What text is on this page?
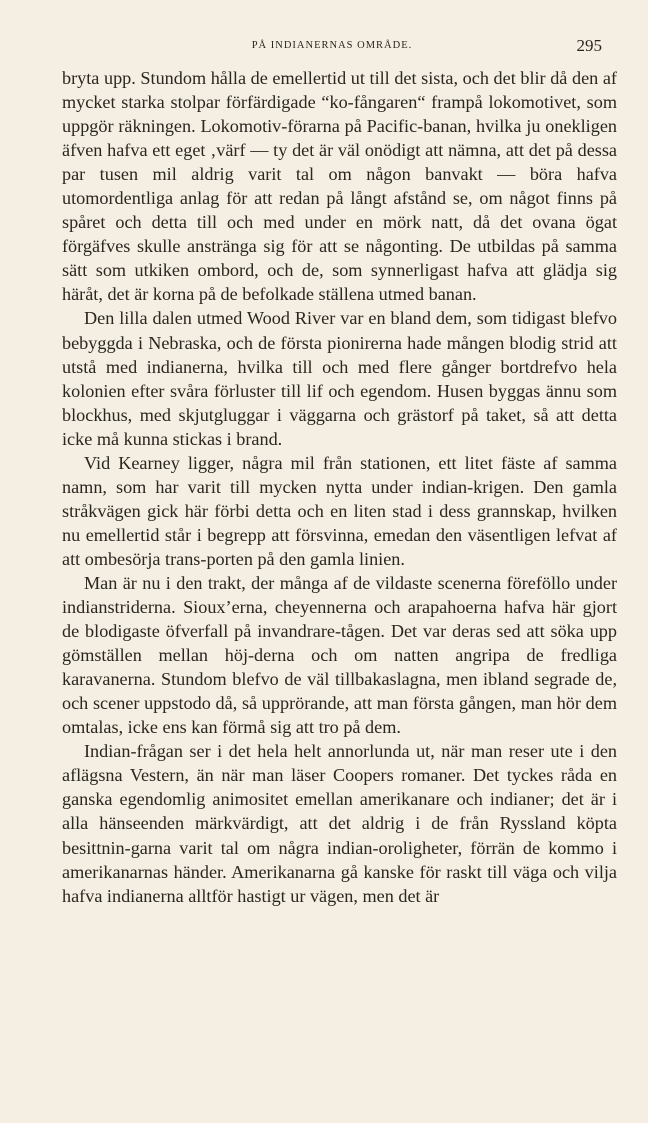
PÅ INDIANERNAS OMRÅDE.	295

bryta upp. Stundom hålla de emellertid ut till det sista, och det blir då den af mycket starka stolpar förfärdigade “ko-fångaren“ frampå lokomotivet, som uppgör räkningen. Lokomotiv-förarna på Pacific-banan, hvilka ju onekligen äfven hafva ett eget ‚värf — ty det är väl onödigt att nämna, att det på dessa par tusen mil aldrig varit tal om någon banvakt — böra hafva utomordentliga anlag för att redan på långt afstånd se, om något finns på spåret och detta till och med under en mörk natt, då det ovana ögat förgäfves skulle anstränga sig för att se någonting. De utbildas på samma sätt som utkiken ombord, och de, som synnerligast hafva att glädja sig häråt, det är korna på de befolkade ställena utmed banan.

Den lilla dalen utmed Wood River var en bland dem, som tidigast blefvo bebyggda i Nebraska, och de första pionirerna hade mången blodig strid att utstå med indianerna, hvilka till och med flere gånger bortdrefvo hela kolonien efter svåra förluster till lif och egendom. Husen byggas ännu som blockhus, med skjutgluggar i väggarna och grästorf på taket, så att detta icke må kunna stickas i brand.

Vid Kearney ligger, några mil från stationen, ett litet fäste af samma namn, som har varit till mycken nytta under indian-krigen. Den gamla stråkvägen gick här förbi detta och en liten stad i dess grannskap, hvilken nu emellertid står i begrepp att försvinna, emedan den väsentligen lefvat af att ombesörja trans-porten på den gamla linien.

Man är nu i den trakt, der många af de vildaste scenerna föreföllo under indianstriderna. Sioux’erna, cheyennerna och arapahoerna hafva här gjort de blodigaste öfverfall på invandrare-tågen. Det var deras sed att söka upp gömställen mellan höj-derna och om natten angripa de fredliga karavanerna. Stundom blefvo de väl tillbakaslagna, men ibland segrade de, och scener uppstodo då, så upprörande, att man första gången, man hör dem omtalas, icke ens kan förmå sig att tro på dem.

Indian-frågan ser i det hela helt annorlunda ut, när man reser ute i den aflägsna Vestern, än när man läser Coopers romaner. Det tyckes råda en ganska egendomlig animositet emellan amerikanare och indianer; det är i alla hänseenden märkvärdigt, att det aldrig i de från Ryssland köpta besittnin-garna varit tal om några indian-oroligheter, förrän de kommo i amerikanarnas händer. Amerikanarna gå kanske för raskt till väga och vilja hafva indianerna alltför hastigt ur vägen, men det är
